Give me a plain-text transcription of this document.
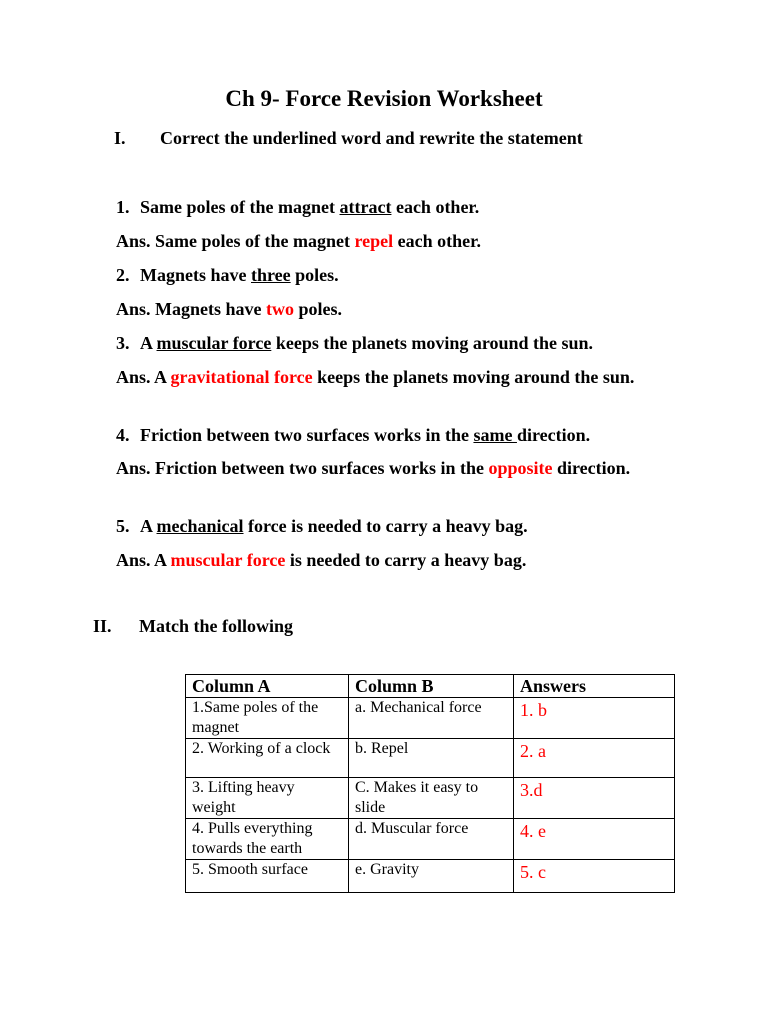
Ch 9- Force Revision Worksheet
I. Correct the underlined word and rewrite the statement
1. Same poles of the magnet attract each other.
Ans. Same poles of the magnet repel each other.
2. Magnets have three poles.
Ans. Magnets have two poles.
3. A muscular force keeps the planets moving around the sun.
Ans. A gravitational force keeps the planets moving around the sun.
4. Friction between two surfaces works in the same direction.
Ans. Friction between two surfaces works in the opposite direction.
5. A mechanical force is needed to carry a heavy bag.
Ans. A muscular force is needed to carry a heavy bag.
II. Match the following
Column A	Column B	Answers
1.Same poles of the magnet	a. Mechanical force	1. b
2. Working of a clock	b. Repel	2. a
3. Lifting heavy weight	C. Makes it easy to slide	3.d
4. Pulls everything towards the earth	d. Muscular force	4. e
5. Smooth surface	e. Gravity	5. c
